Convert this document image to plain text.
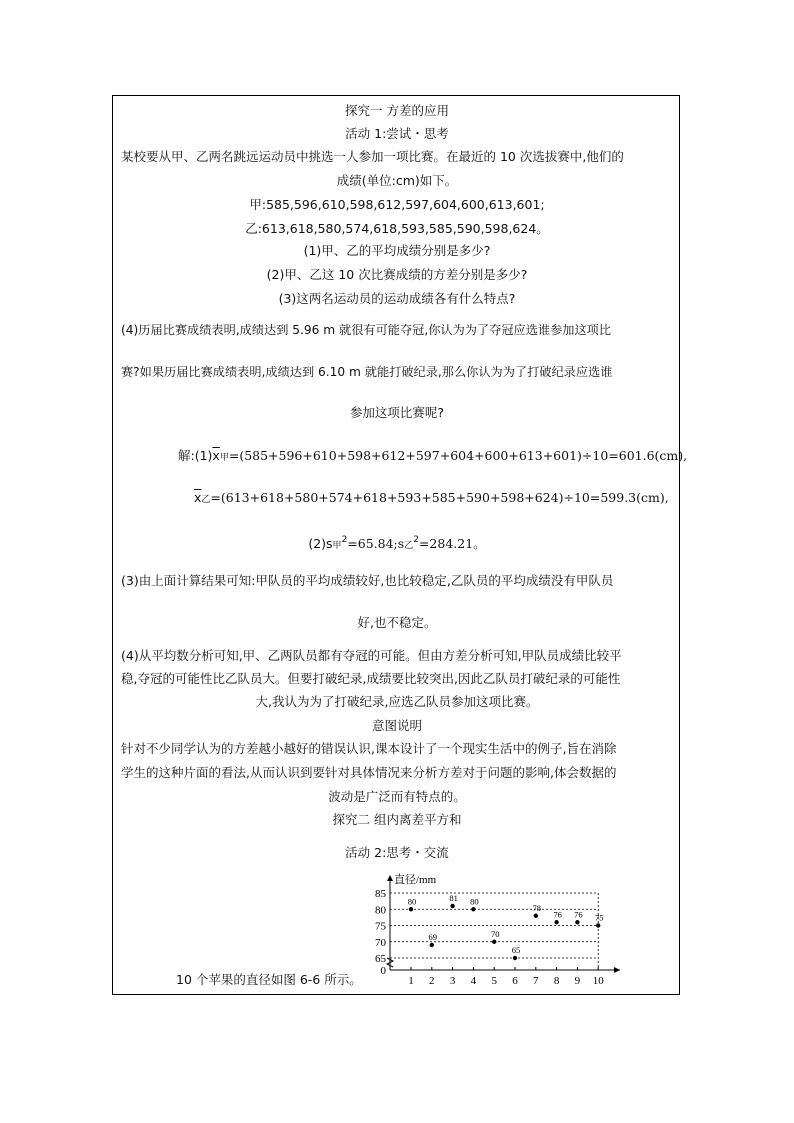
探究一 方差的应用
活动 1:尝试・思考
某校要从甲、乙两名跳远运动员中挑选一人参加一项比赛。在最近的 10 次选拔赛中,他们的
成绩(单位:cm)如下。
甲:585,596,610,598,612,597,604,600,613,601;
乙:613,618,580,574,618,593,585,590,598,624。
(1)甲、乙的平均成绩分别是多少?
(2)甲、乙这 10 次比赛成绩的方差分别是多少?
(3)这两名运动员的运动成绩各有什么特点?
(4)历届比赛成绩表明,成绩达到 5.96 m 就很有可能夺冠,你认为为了夺冠应选谁参加这项比
赛?如果历届比赛成绩表明,成绩达到 6.10 m 就能打破纪录,那么你认为为了打破纪录应选谁
参加这项比赛呢?
解$:(1)\overline{x}$甲=(585+596+610+598+612+597+604+600+613+601)÷10=601.6(cm),
$\overline{x}$乙=(613+618+580+574+618+593+585+590+598+624)÷10=599.3(cm),
(2)s甲$^2$=65.84;s乙$^2$=284.21。
(3)由上面计算结果可知:甲队员的平均成绩较好,也比较稳定,乙队员的平均成绩没有甲队员
好,也不稳定。
(4)从平均数分析可知,甲、乙两队员都有夺冠的可能。但由方差分析可知,甲队员成绩比较平
稳,夺冠的可能性比乙队员大。但要打破纪录,成绩要比较突出,因此乙队员打破纪录的可能性
大,我认为为了打破纪录,应选乙队员参加这项比赛。
意图说明
针对不少同学认为的方差越小越好的错误认识,课本设计了一个现实生活中的例子,旨在消除
学生的这种片面的看法,从而认识到要针对具体情况来分析方差对于问题的影响,体会数据的
波动是广泛而有特点的。
探究二 组内离差平方和
活动 2:思考・交流
10 个苹果的直径如图 6-6 所示。
直径/mm
65
70
75
80
85
0
1 2 3 4 5 6 7 8 9 10
80
69
81 80
70
65
78
76 76 75
